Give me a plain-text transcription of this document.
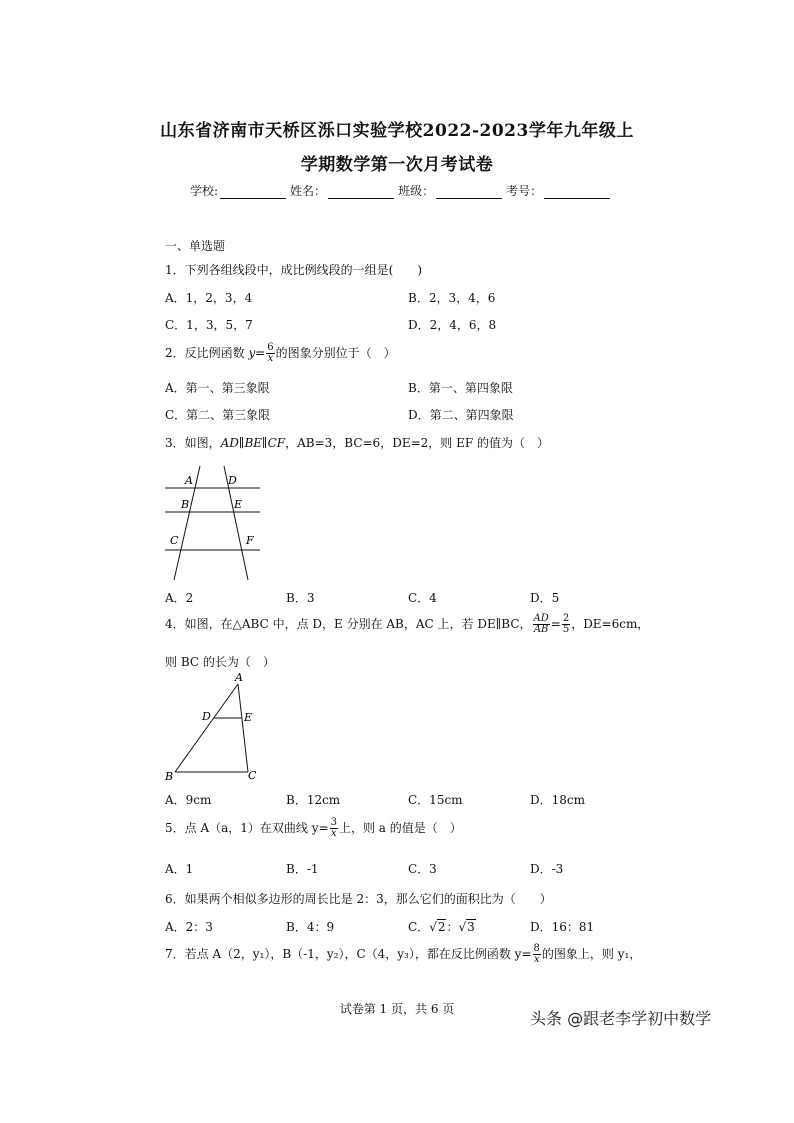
山东省济南市天桥区泺口实验学校2022-2023学年九年级上
学期数学第一次月考试卷
学校:	姓名：	班级：	考号：
一、单选题
1．下列各组线段中，成比例线段的一组是(　　)
A．1，2，3，4	B．2，3，4，6
C．1，3，5，7	D．2，4，6，8
2．反比例函数 $y= \frac{6}{x}$ 的图象分别位于（　）
A．第一、第三象限	B．第一、第四象限
C．第二、第三象限	D．第二、第四象限
3．如图，AD∥BE∥CF，AB=3，BC=6，DE=2，则 EF 的值为（　）
A	D
B	E
C	F
A．2	B．3	C．4	D．5
4．如图，在△ABC 中，点 D，E 分别在 AB，AC 上，若 DE∥BC， $\frac{AD}{AB} = \frac{2}{5}$ ，DE=6cm，
则 BC 的长为（　）
A
D	E
B	C
A．9cm	B．12cm	C．15cm	D．18cm
5．点 A（a，1）在双曲线 $y= \frac{3}{x}$ 上，则 a 的值是（　）
A．1	B．-1	C．3	D．-3
6．如果两个相似多边形的周长比是 2：3，那么它们的面积比为（　　）
A．2：3	B．4：9	C．√2：√3	D．16：81
7．若点 A（2，y₁），B（-1，y₂），C（4，y₃），都在反比例函数 $y= \frac{8}{x}$ 的图象上，则 y₁，
试卷第 1 页，共 6 页	头条 @跟老李学初中数学
